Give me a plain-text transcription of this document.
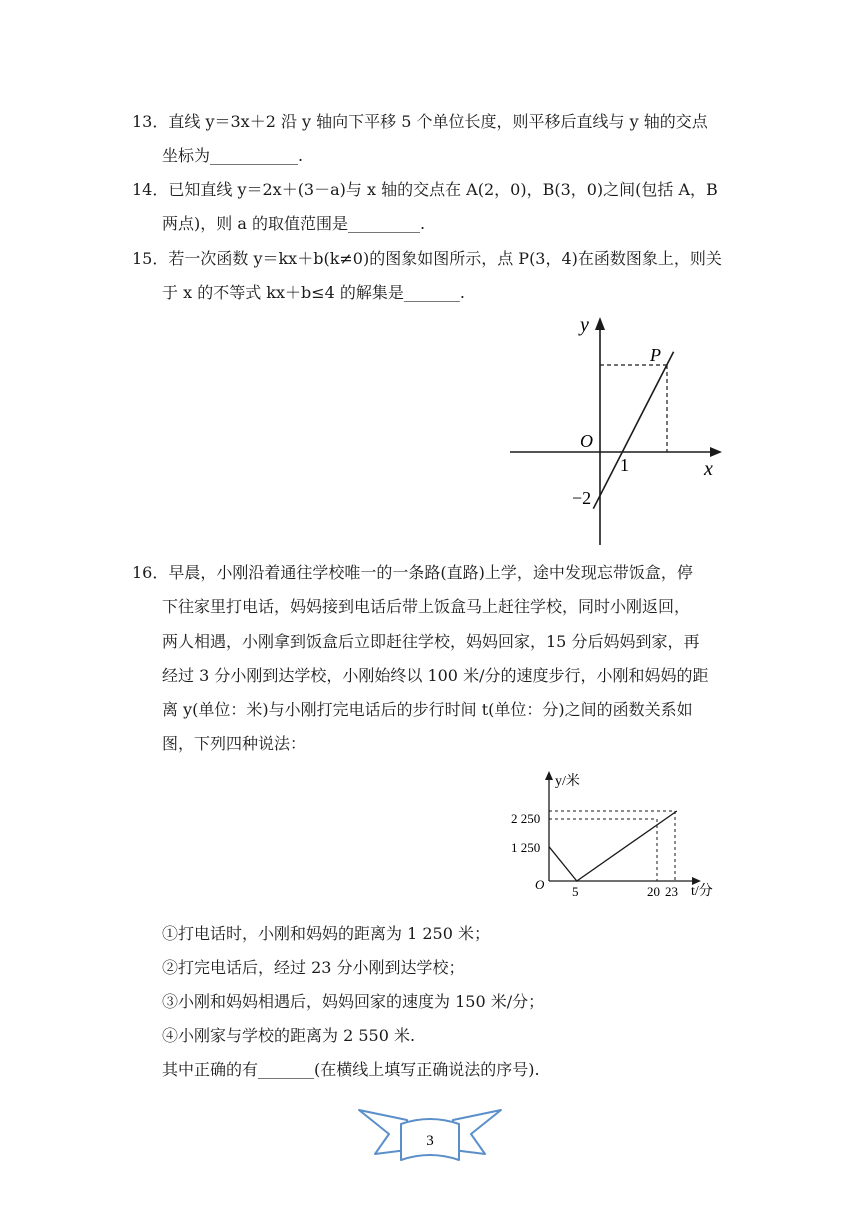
13．直线 y＝3x＋2 沿 y 轴向下平移 5 个单位长度，则平移后直线与 y 轴的交点
坐标为___________.
14．已知直线 y＝2x＋(3－a)与 x 轴的交点在 A(2，0)，B(3，0)之间(包括 A，B
两点)，则 a 的取值范围是_________.
15．若一次函数 y＝kx＋b(k≠0)的图象如图所示，点 P(3，4)在函数图象上，则关
于 x 的不等式 kx＋b≤4 的解集是_______.
y
x
O
P
1
−2
16．早晨，小刚沿着通往学校唯一的一条路(直路)上学，途中发现忘带饭盒，停
下往家里打电话，妈妈接到电话后带上饭盒马上赶往学校，同时小刚返回，
两人相遇，小刚拿到饭盒后立即赶往学校，妈妈回家，15 分后妈妈到家，再
经过 3 分小刚到达学校，小刚始终以 100 米/分的速度步行，小刚和妈妈的距
离 y(单位：米)与小刚打完电话后的步行时间 t(单位：分)之间的函数关系如
图，下列四种说法：
y/米
t/分
O
2 250
1 250
5	20 23
①打电话时，小刚和妈妈的距离为 1 250 米；
②打完电话后，经过 23 分小刚到达学校；
③小刚和妈妈相遇后，妈妈回家的速度为 150 米/分；
④小刚家与学校的距离为 2 550 米.
其中正确的有_______(在横线上填写正确说法的序号).
3
